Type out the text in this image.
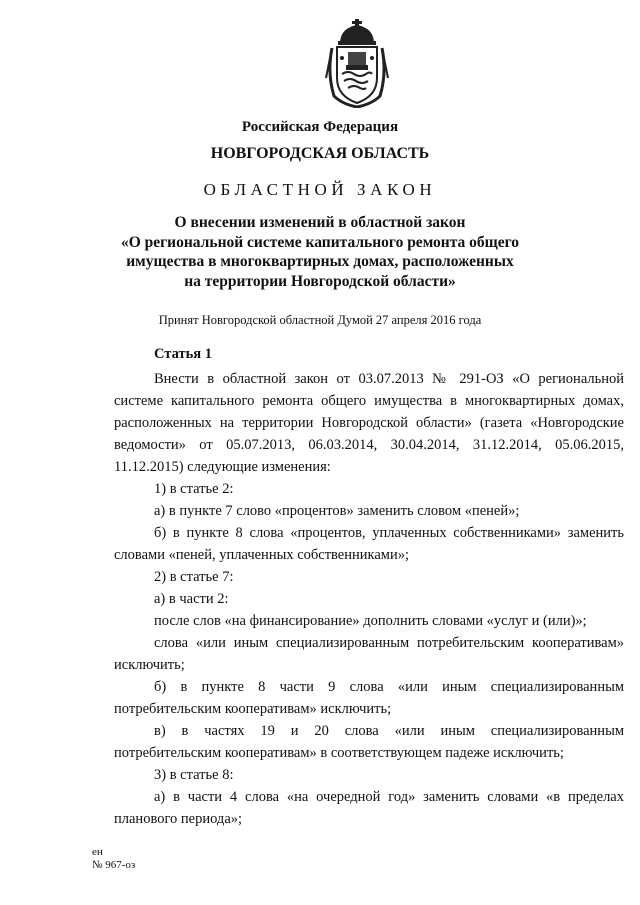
Российская Федерация
НОВГОРОДСКАЯ ОБЛАСТЬ
ОБЛАСТНОЙ ЗАКОН
О внесении изменений в областной закон
«О региональной системе капитального ремонта общего
имущества в многоквартирных домах, расположенных
на территории Новгородской области»
Принят Новгородской областной Думой 27 апреля 2016 года
Статья 1

Внести в областной закон от 03.07.2013 № 291-ОЗ «О региональной системе капитального ремонта общего имущества в многоквартирных домах, расположенных на территории Новгородской области» (газета «Новгородские ведомости» от 05.07.2013, 06.03.2014, 30.04.2014, 31.12.2014, 05.06.2015, 11.12.2015) следующие изменения:

1) в статье 2:

а) в пункте 7 слово «процентов» заменить словом «пеней»;

б) в пункте 8 слова «процентов, уплаченных собственниками» заменить словами «пеней, уплаченных собственниками»;

2) в статье 7:

а) в части 2:

после слов «на финансирование» дополнить словами «услуг и (или)»;

слова «или иным специализированным потребительским кооперативам» исключить;

б) в пункте 8 части 9 слова «или иным специализированным потребительским кооперативам» исключить;

в) в частях 19 и 20 слова «или иным специализированным потребительским кооперативам» в соответствующем падеже исключить;

3) в статье 8:

а) в части 4 слова «на очередной год» заменить словами «в пределах планового периода»;

ен
№ 967-оз
